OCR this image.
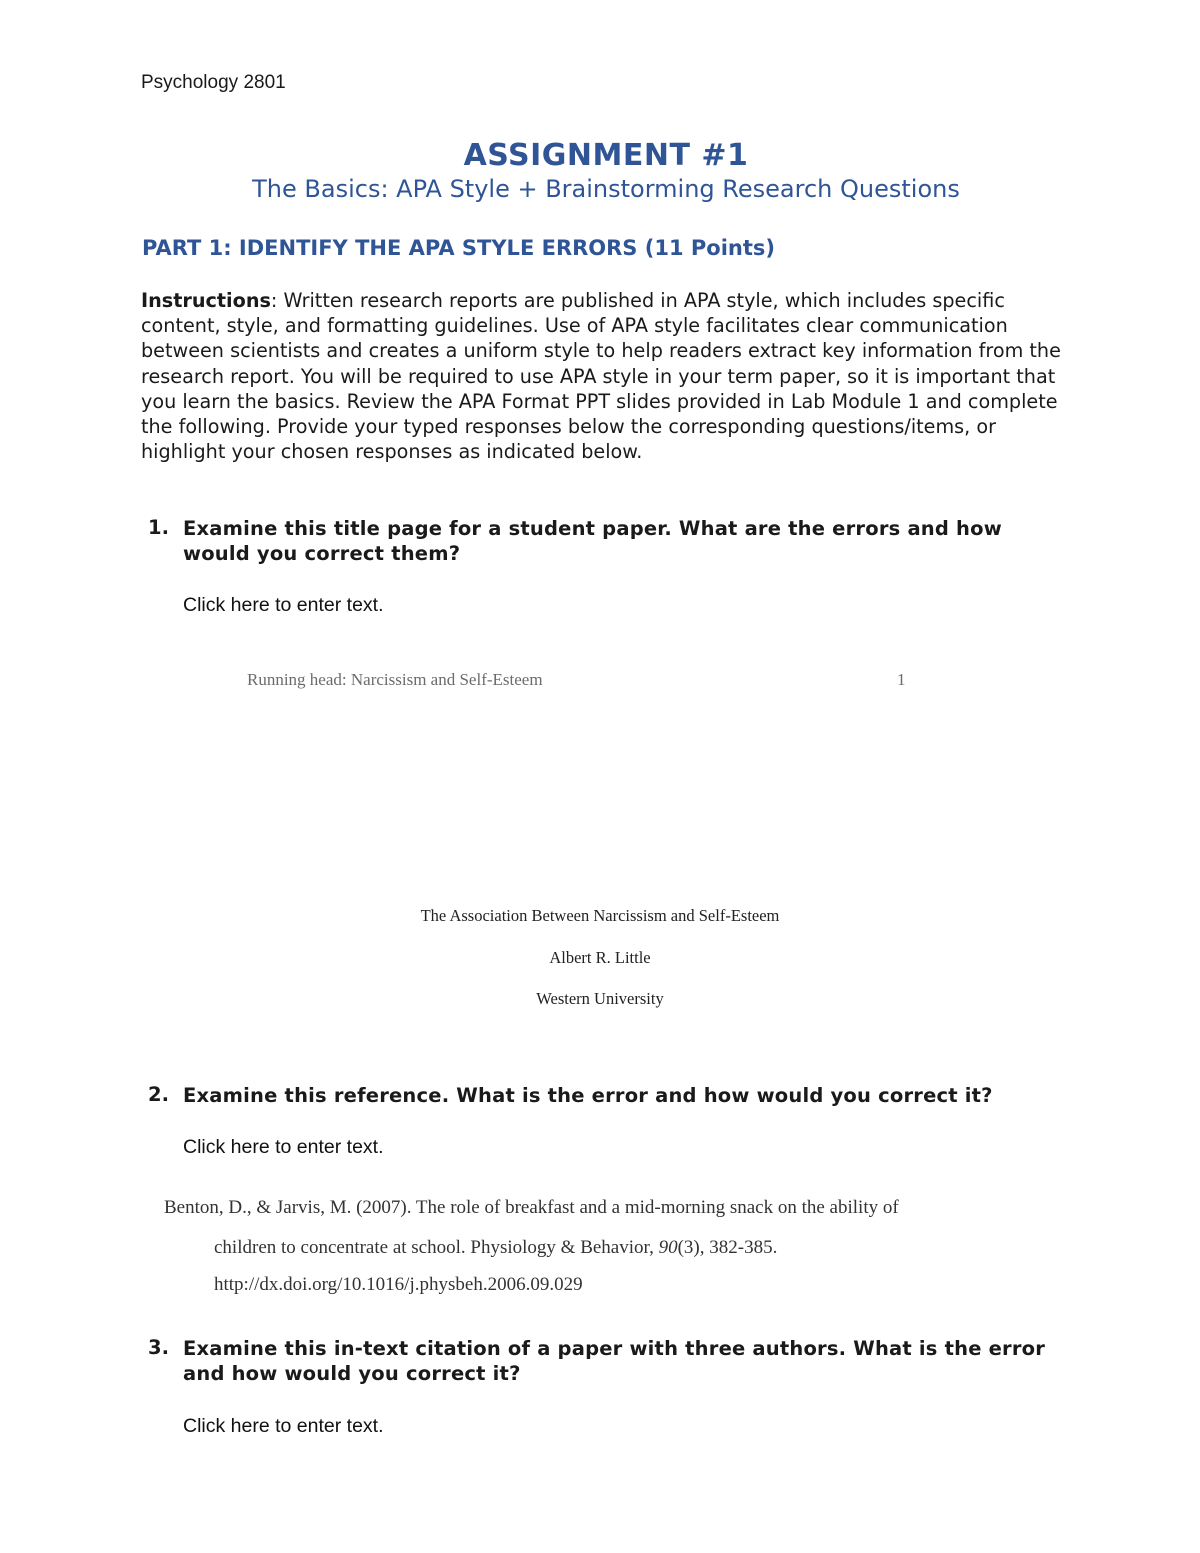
Psychology 2801
ASSIGNMENT #1
The Basics: APA Style + Brainstorming Research Questions
PART 1: IDENTIFY THE APA STYLE ERRORS (11 Points)
Instructions: Written research reports are published in APA style, which includes specific content, style, and formatting guidelines. Use of APA style facilitates clear communication between scientists and creates a uniform style to help readers extract key information from the research report. You will be required to use APA style in your term paper, so it is important that you learn the basics. Review the APA Format PPT slides provided in Lab Module 1 and complete the following. Provide your typed responses below the corresponding questions/items, or highlight your chosen responses as indicated below.
1. Examine this title page for a student paper. What are the errors and how would you correct them?
Click here to enter text.
Running head: Narcissism and Self-Esteem	1
The Association Between Narcissism and Self-Esteem
Albert R. Little
Western University
2. Examine this reference. What is the error and how would you correct it?
Click here to enter text.
Benton, D., & Jarvis, M. (2007). The role of breakfast and a mid-morning snack on the ability of
children to concentrate at school. Physiology & Behavior, 90(3), 382-385.
http://dx.doi.org/10.1016/j.physbeh.2006.09.029
3. Examine this in-text citation of a paper with three authors. What is the error and how would you correct it?
Click here to enter text.
